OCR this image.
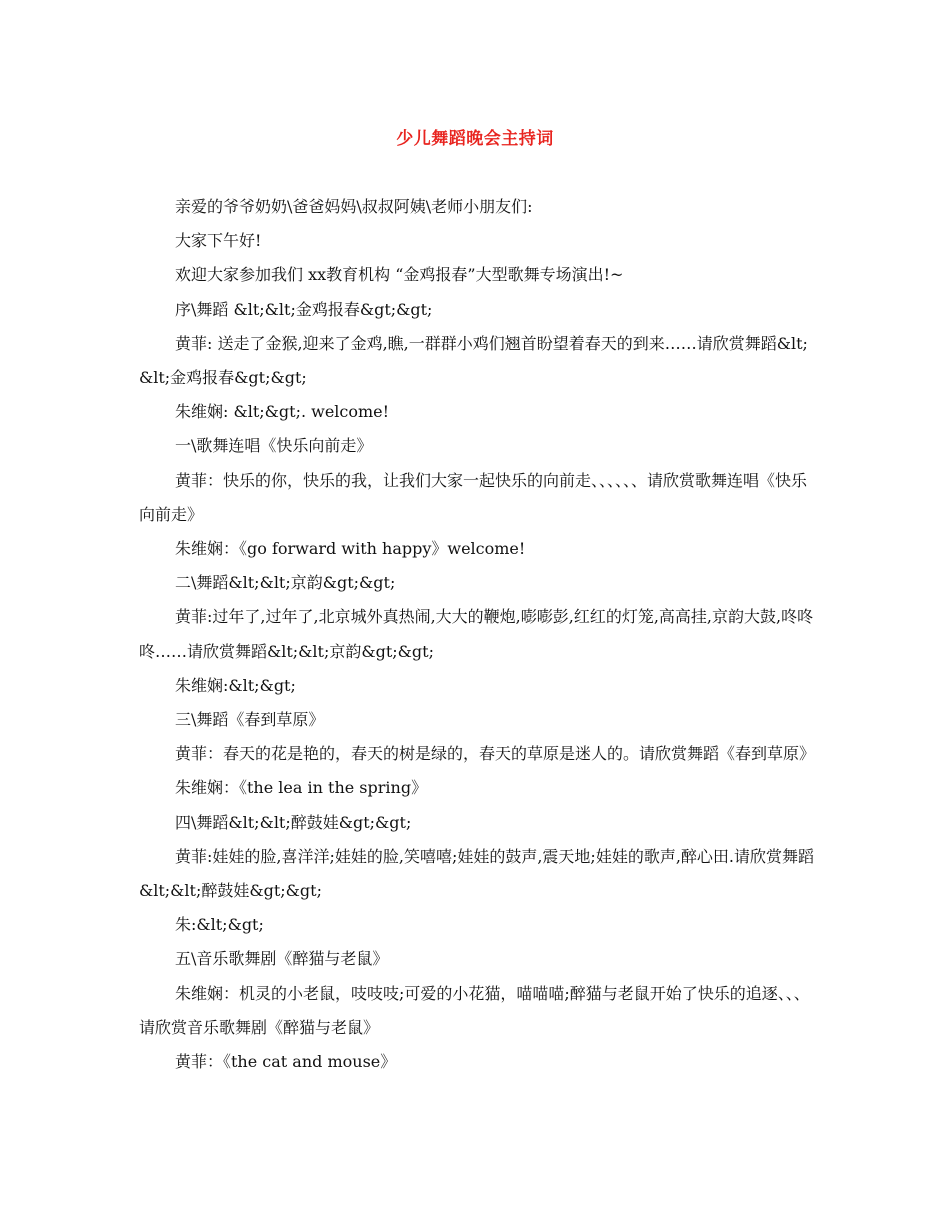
少儿舞蹈晚会主持词

亲爱的爷爷奶奶\爸爸妈妈\叔叔阿姨\老师小朋友们:

大家下午好!

欢迎大家参加我们 xx教育机构 “金鸡报春”大型歌舞专场演出!~

序\舞蹈 &lt;&lt;金鸡报春&gt;&gt;

黄菲: 送走了金猴,迎来了金鸡,瞧,一群群小鸡们翘首盼望着春天的到来……请欣赏舞蹈&lt;&lt;金鸡报春&gt;&gt;

朱维娴: &lt;&gt;. welcome!

一\歌舞连唱《快乐向前走》

黄菲：快乐的你，快乐的我，让我们大家一起快乐的向前走、、、、、、请欣赏歌舞连唱《快乐向前走》

朱维娴：《go forward with happy》welcome!

二\舞蹈&lt;&lt;京韵&gt;&gt;

黄菲:过年了,过年了,北京城外真热闹,大大的鞭炮,嘭嘭彭,红红的灯笼,高高挂,京韵大鼓,咚咚咚……请欣赏舞蹈&lt;&lt;京韵&gt;&gt;

朱维娴:&lt;&gt;

三\舞蹈《春到草原》

黄菲：春天的花是艳的，春天的树是绿的，春天的草原是迷人的。请欣赏舞蹈《春到草原》

朱维娴：《the lea in the spring》

四\舞蹈&lt;&lt;醉鼓娃&gt;&gt;

黄菲:娃娃的脸,喜洋洋;娃娃的脸,笑嘻嘻;娃娃的鼓声,震天地;娃娃的歌声,醉心田.请欣赏舞蹈&lt;&lt;醉鼓娃&gt;&gt;

朱:&lt;&gt;

五\音乐歌舞剧《醉猫与老鼠》

朱维娴：机灵的小老鼠，吱吱吱;可爱的小花猫，喵喵喵;醉猫与老鼠开始了快乐的追逐、、、请欣赏音乐歌舞剧《醉猫与老鼠》

黄菲：《the cat and mouse》
